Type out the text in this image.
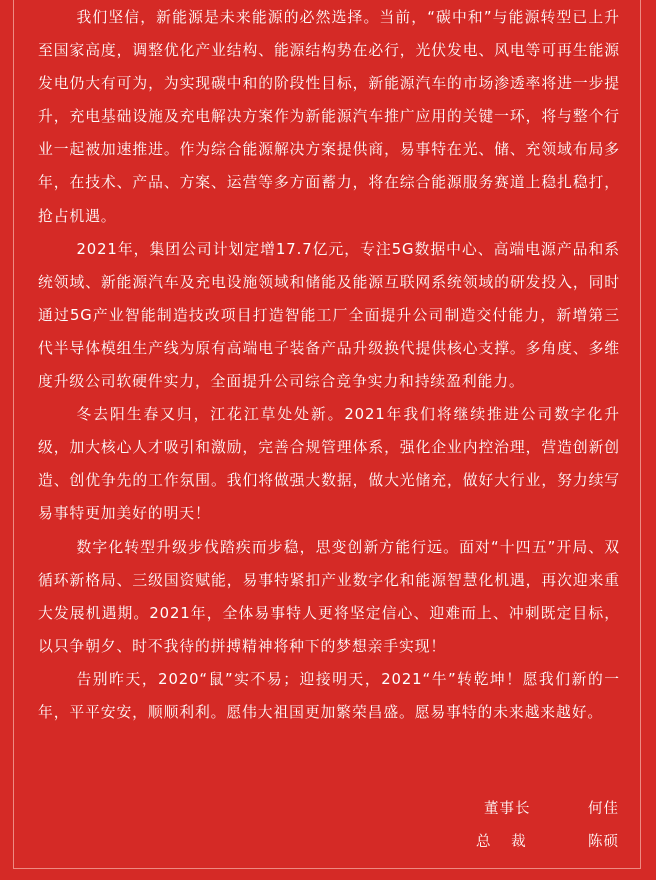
我们坚信，新能源是未来能源的必然选择。当前，“碳中和”与能源转型已上升至国家高度，调整优化产业结构、能源结构势在必行，光伏发电、风电等可再生能源发电仍大有可为，为实现碳中和的阶段性目标，新能源汽车的市场渗透率将进一步提升，充电基础设施及充电解决方案作为新能源汽车推广应用的关键一环，将与整个行业一起被加速推进。作为综合能源解决方案提供商，易事特在光、储、充领域布局多年，在技术、产品、方案、运营等多方面蓄力，将在综合能源服务赛道上稳扎稳打，抢占机遇。

2021年，集团公司计划定增17.7亿元，专注5G数据中心、高端电源产品和系统领域、新能源汽车及充电设施领域和储能及能源互联网系统领域的研发投入，同时通过5G产业智能制造技改项目打造智能工厂全面提升公司制造交付能力，新增第三代半导体模组生产线为原有高端电子装备产品升级换代提供核心支撑。多角度、多维度升级公司软硬件实力，全面提升公司综合竞争实力和持续盈利能力。

冬去阳生春又归，江花江草处处新。2021年我们将继续推进公司数字化升级，加大核心人才吸引和激励，完善合规管理体系，强化企业内控治理，营造创新创造、创优争先的工作氛围。我们将做强大数据，做大光储充，做好大行业，努力续写易事特更加美好的明天！

数字化转型升级步伐踏疾而步稳，思变创新方能行远。面对“十四五”开局、双循环新格局、三级国资赋能，易事特紧扣产业数字化和能源智慧化机遇，再次迎来重大发展机遇期。2021年，全体易事特人更将坚定信心、迎难而上、冲刺既定目标，以只争朝夕、时不我待的拼搏精神将种下的梦想亲手实现！

告别昨天，2020“鼠”实不易；迎接明天，2021“牛”转乾坤！愿我们新的一年，平平安安，顺顺利利。愿伟大祖国更加繁荣昌盛。愿易事特的未来越来越好。

董事长	何佳
总 裁	陈硕
